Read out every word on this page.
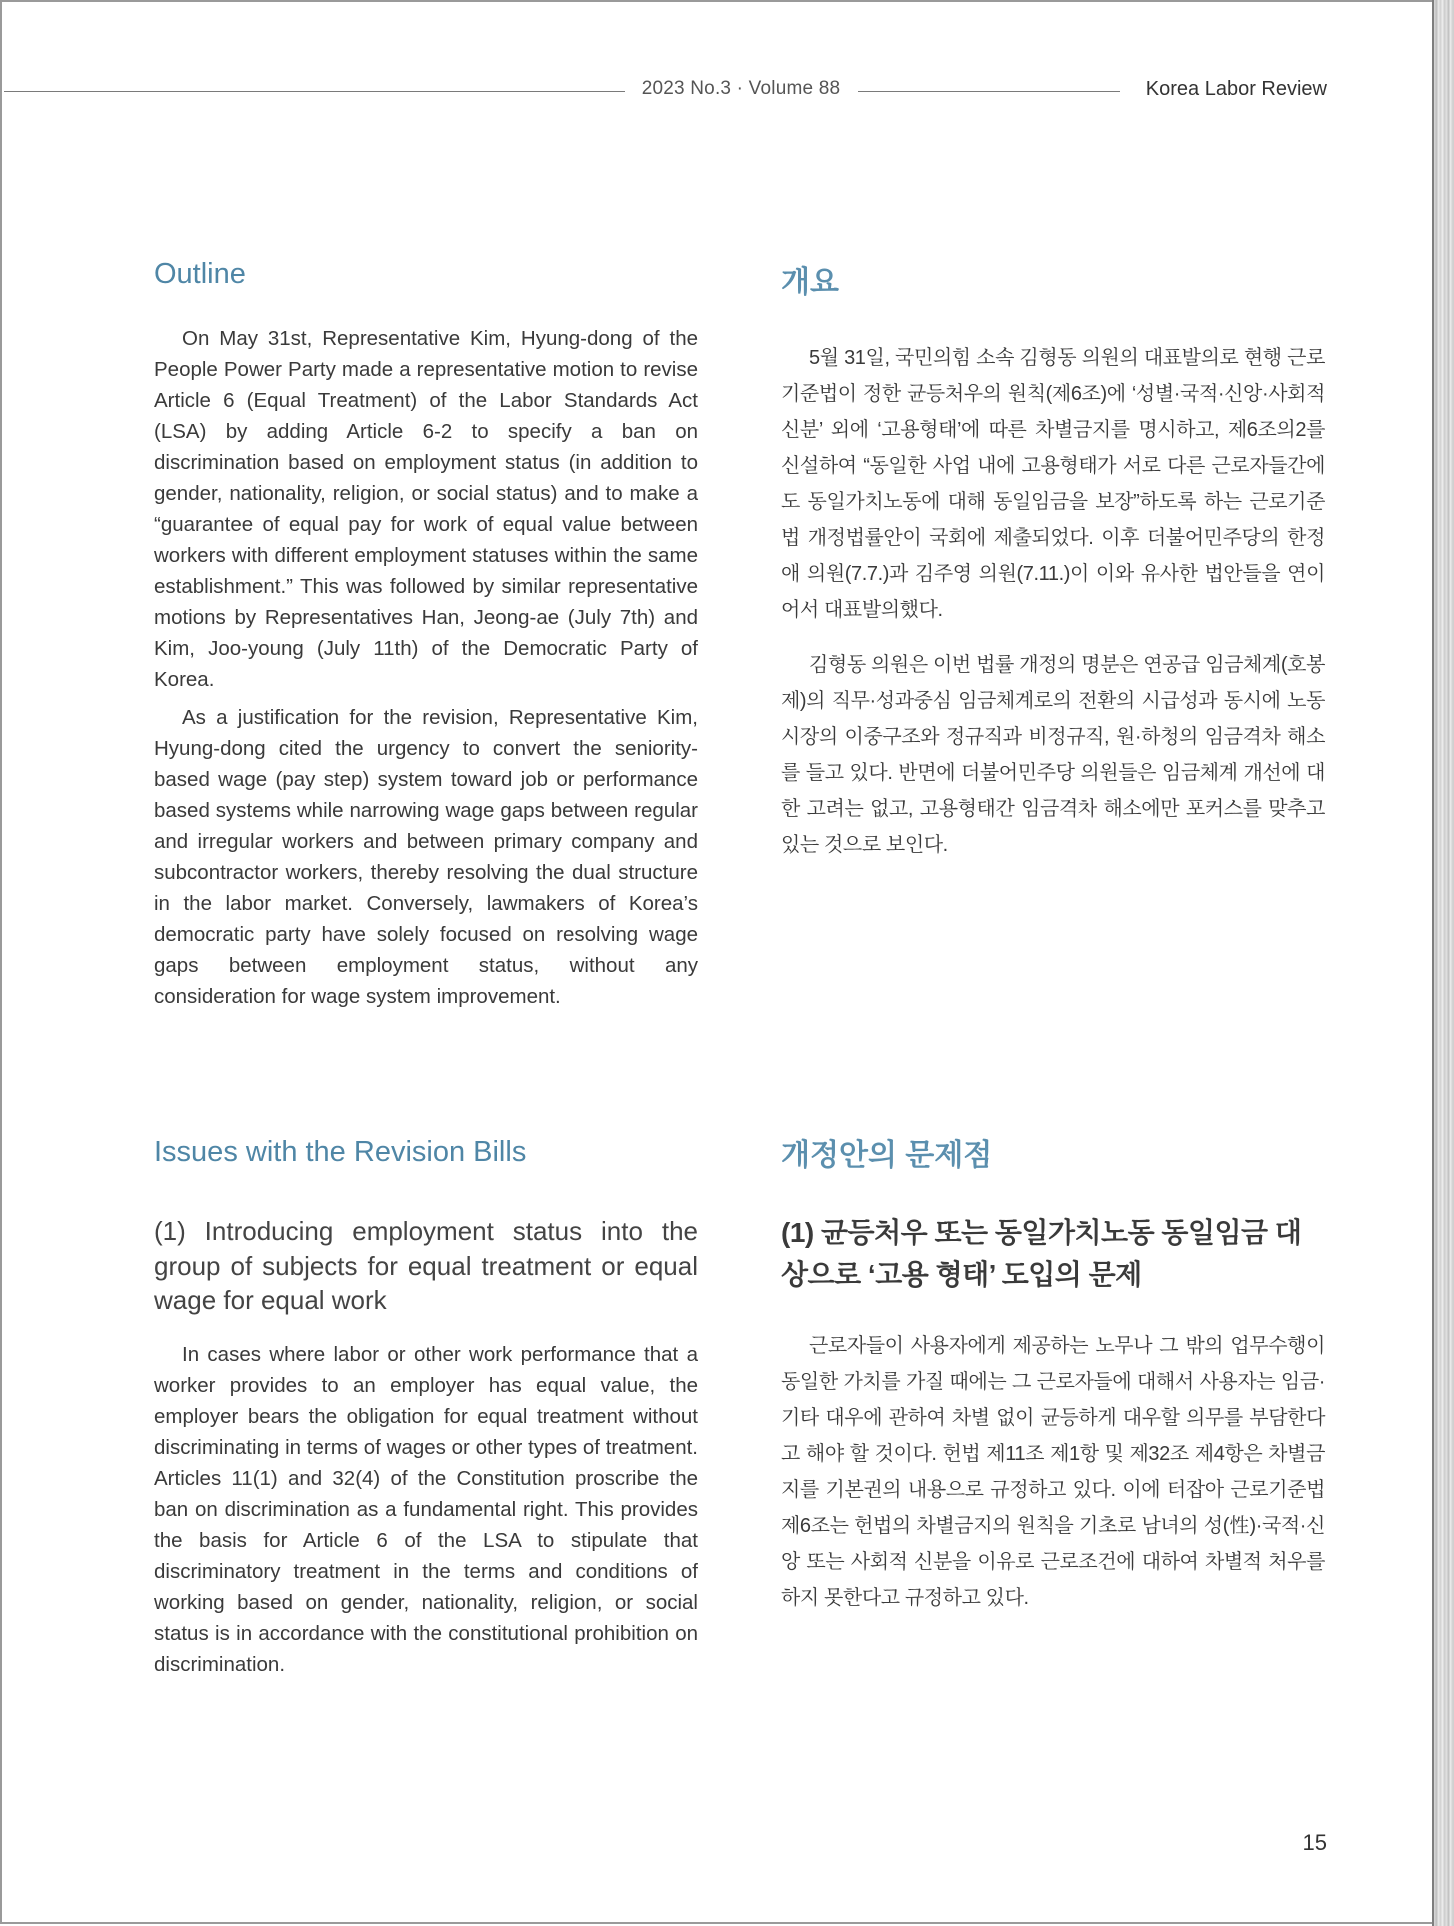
2023 No.3 · Volume 88	Korea Labor Review
Outline

On May 31st, Representative Kim, Hyung-dong of the People Power Party made a representative motion to revise Article 6 (Equal Treatment) of the Labor Standards Act (LSA) by adding Article 6-2 to specify a ban on discrimination based on employment status (in addition to gender, nationality, religion, or social status) and to make a “guarantee of equal pay for work of equal value between workers with different employment statuses within the same establishment.” This was followed by similar representative motions by Representatives Han, Jeong-ae (July 7th) and Kim, Joo-young (July 11th) of the Democratic Party of Korea.

As a justification for the revision, Representative Kim, Hyung-dong cited the urgency to convert the seniority-based wage (pay step) system toward job or performance based systems while narrowing wage gaps between regular and irregular workers and between primary company and subcontractor workers, thereby resolving the dual structure in the labor market. Conversely, lawmakers of Korea’s democratic party have solely focused on resolving wage gaps between employment status, without any consideration for wage system improvement.

Issues with the Revision Bills
(1) Introducing employment status into the group of subjects for equal treatment or equal wage for equal work

In cases where labor or other work performance that a worker provides to an employer has equal value, the employer bears the obligation for equal treatment without discriminating in terms of wages or other types of treatment. Articles 11(1) and 32(4) of the Constitution proscribe the ban on discrimination as a fundamental right. This provides the basis for Article 6 of the LSA to stipulate that discriminatory treatment in the terms and conditions of working based on gender, nationality, religion, or social status is in accordance with the constitutional prohibition on discrimination.

개요

5월 31일, 국민의힘 소속 김형동 의원의 대표발의로 현행 근로기준법이 정한 균등처우의 원칙(제6조)에 ‘성별·국적·신앙·사회적 신분’ 외에 ‘고용형태’에 따른 차별금지를 명시하고, 제6조의2를 신설하여 “동일한 사업 내에 고용형태가 서로 다른 근로자들간에도 동일가치노동에 대해 동일임금을 보장”하도록 하는 근로기준법 개정법률안이 국회에 제출되었다. 이후 더불어민주당의 한정애 의원(7.7.)과 김주영 의원(7.11.)이 이와 유사한 법안들을 연이어서 대표발의했다.

김형동 의원은 이번 법률 개정의 명분은 연공급 임금체계(호봉제)의 직무·성과중심 임금체계로의 전환의 시급성과 동시에 노동시장의 이중구조와 정규직과 비정규직, 원·하청의 임금격차 해소를 들고 있다. 반면에 더불어민주당 의원들은 임금체계 개선에 대한 고려는 없고, 고용형태간 임금격차 해소에만 포커스를 맞추고 있는 것으로 보인다.

개정안의 문제점
(1) 균등처우 또는 동일가치노동 동일임금 대상으로 ‘고용 형태’ 도입의 문제

근로자들이 사용자에게 제공하는 노무나 그 밖의 업무수행이 동일한 가치를 가질 때에는 그 근로자들에 대해서 사용자는 임금·기타 대우에 관하여 차별 없이 균등하게 대우할 의무를 부담한다고 해야 할 것이다. 헌법 제11조 제1항 및 제32조 제4항은 차별금지를 기본권의 내용으로 규정하고 있다. 이에 터잡아 근로기준법 제6조는 헌법의 차별금지의 원칙을 기초로 남녀의 성(性)·국적·신앙 또는 사회적 신분을 이유로 근로조건에 대하여 차별적 처우를 하지 못한다고 규정하고 있다.

15
